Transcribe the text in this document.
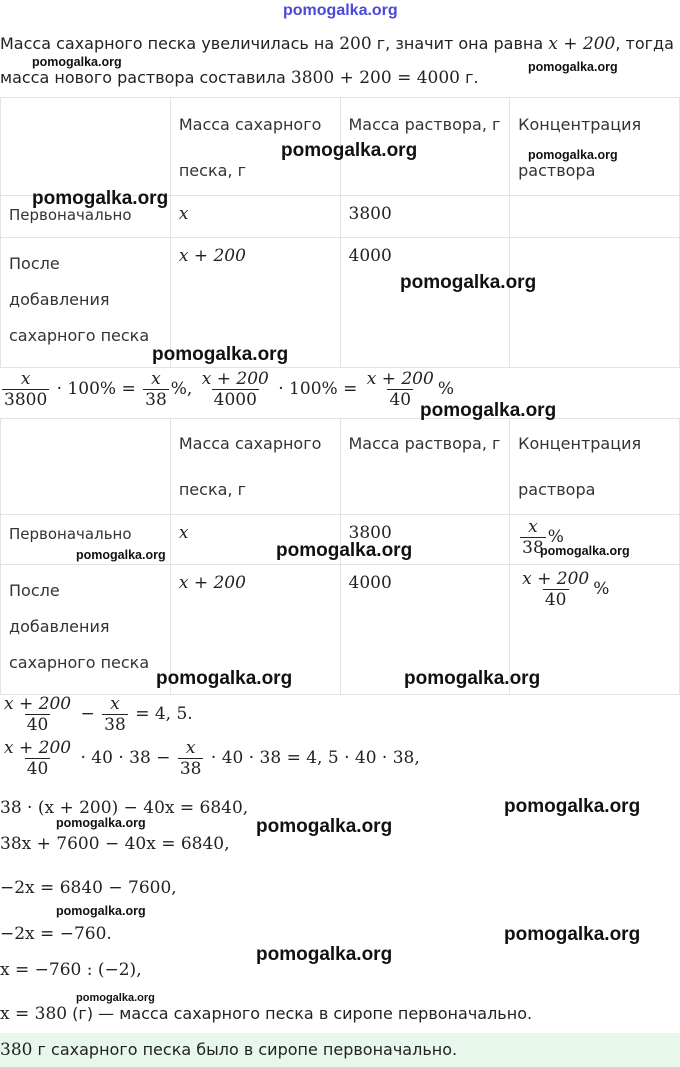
pomogalka.org
Масса сахарного песка увеличилась на 200 г, значит она равна x + 200, тогда
масса нового раствора составила 3800 + 200 = 4000 г.
	Масса сахарного песка, г	Масса раствора, г	Концентрация раствора
Первоначально	x	3800	
После добавления сахарного песка	x + 200	4000	
$\frac{x}{3800} \cdot 100\% = \frac{x}{38}$ %, $\frac{x + 200}{4000} \cdot 100\% = \frac{x + 200}{40}$ %
	Масса сахарного песка, г	Масса раствора, г	Концентрация раствора
Первоначально	x	3800	$\frac{x}{38}$ %
После добавления сахарного песка	x + 200	4000	$\frac{x + 200}{40}$ %
$\frac{x + 200}{40} - \frac{x}{38} = 4$, 5.
$\frac{x + 200}{40} \cdot 40 \cdot 38 - \frac{x}{38} \cdot 40 \cdot 38 = 4$, 5 · 40 · 38,
38 · (x + 200) − 40x = 6840,
38x + 7600 − 40x = 6840,
−2x = 6840 − 7600,
−2x = −760.
x = −760 : (−2),
x = 380 (г) — масса сахарного песка в сиропе первоначально.
380 г сахарного песка было в сиропе первоначально.
pomogalka.org	pomogalka.org
pomogalka.org	pomogalka.org
pomogalka.org
pomogalka.org
pomogalka.org
pomogalka.org
pomogalka.org
pomogalka.org	pomogalka.org
pomogalka.org	pomogalka.org
pomogalka.org
pomogalka.org	pomogalka.org
pomogalka.org
pomogalka.org
pomogalka.org
pomogalka.org
